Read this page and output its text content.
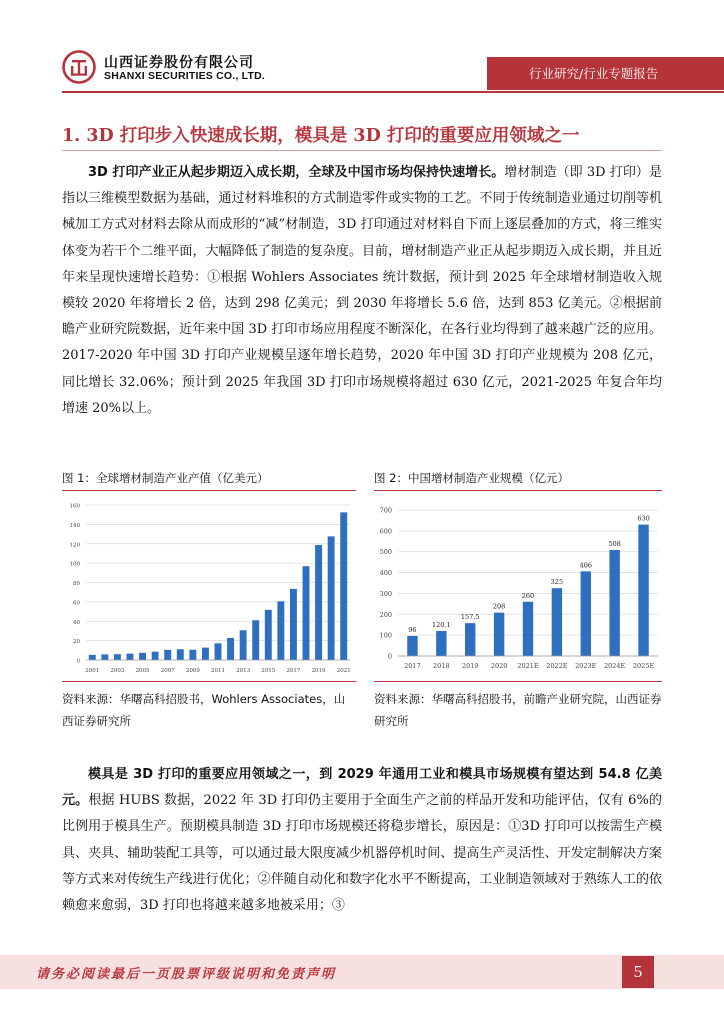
山西证券股份有限公司
SHANXI SECURITIES CO., LTD.	行业研究/行业专题报告
1. 3D 打印步入快速成长期，模具是 3D 打印的重要应用领域之一
3D 打印产业正从起步期迈入成长期，全球及中国市场均保持快速增长。增材制造（即 3D 打印）是指以三维模型数据为基础，通过材料堆积的方式制造零件或实物的工艺。不同于传统制造业通过切削等机械加工方式对材料去除从而成形的“减”材制造，3D 打印通过对材料自下而上逐层叠加的方式，将三维实体变为若干个二维平面，大幅降低了制造的复杂度。目前，增材制造产业正从起步期迈入成长期，并且近年来呈现快速增长趋势：①根据 Wohlers Associates 统计数据，预计到 2025 年全球增材制造收入规模较 2020 年将增长 2 倍，达到 298 亿美元；到 2030 年将增长 5.6 倍，达到 853 亿美元。②根据前瞻产业研究院数据，近年来中国 3D 打印市场应用程度不断深化，在各行业均得到了越来越广泛的应用。2017-2020 年中国 3D 打印产业规模呈逐年增长趋势，2020 年中国 3D 打印产业规模为 208 亿元，同比增长 32.06%；预计到 2025 年我国 3D 打印市场规模将超过 630 亿元，2021-2025 年复合年均增速 20%以上。
图 1：全球增材制造产业产值（亿美元）	图 2：中国增材制造产业规模（亿元）
0
20
40
60
80
100
120
140
160
2001 2003 2005 2007 2009 2011 2013 2015 2017 2019 2021
0
100
200
300
400
500
600
700
96
120.1
157.5
208
260
325
406
508
630
2017 2018 2019 2020 2021E 2022E 2023E 2024E 2025E
资料来源：华曙高科招股书，Wohlers Associates，山西证券研究所
资料来源：华曙高科招股书，前瞻产业研究院，山西证券研究所
模具是 3D 打印的重要应用领域之一，到 2029 年通用工业和模具市场规模有望达到 54.8 亿美元。根据 HUBS 数据，2022 年 3D 打印仍主要用于全面生产之前的样品开发和功能评估，仅有 6%的比例用于模具生产。预期模具制造 3D 打印市场规模还将稳步增长，原因是：①3D 打印可以按需生产模具、夹具、辅助装配工具等，可以通过最大限度减少机器停机时间、提高生产灵活性、开发定制解决方案等方式来对传统生产线进行优化；②伴随自动化和数字化水平不断提高，工业制造领域对于熟练人工的依赖愈来愈弱，3D 打印也将越来越多地被采用；③
请务必阅读最后一页股票评级说明和免责声明	5
